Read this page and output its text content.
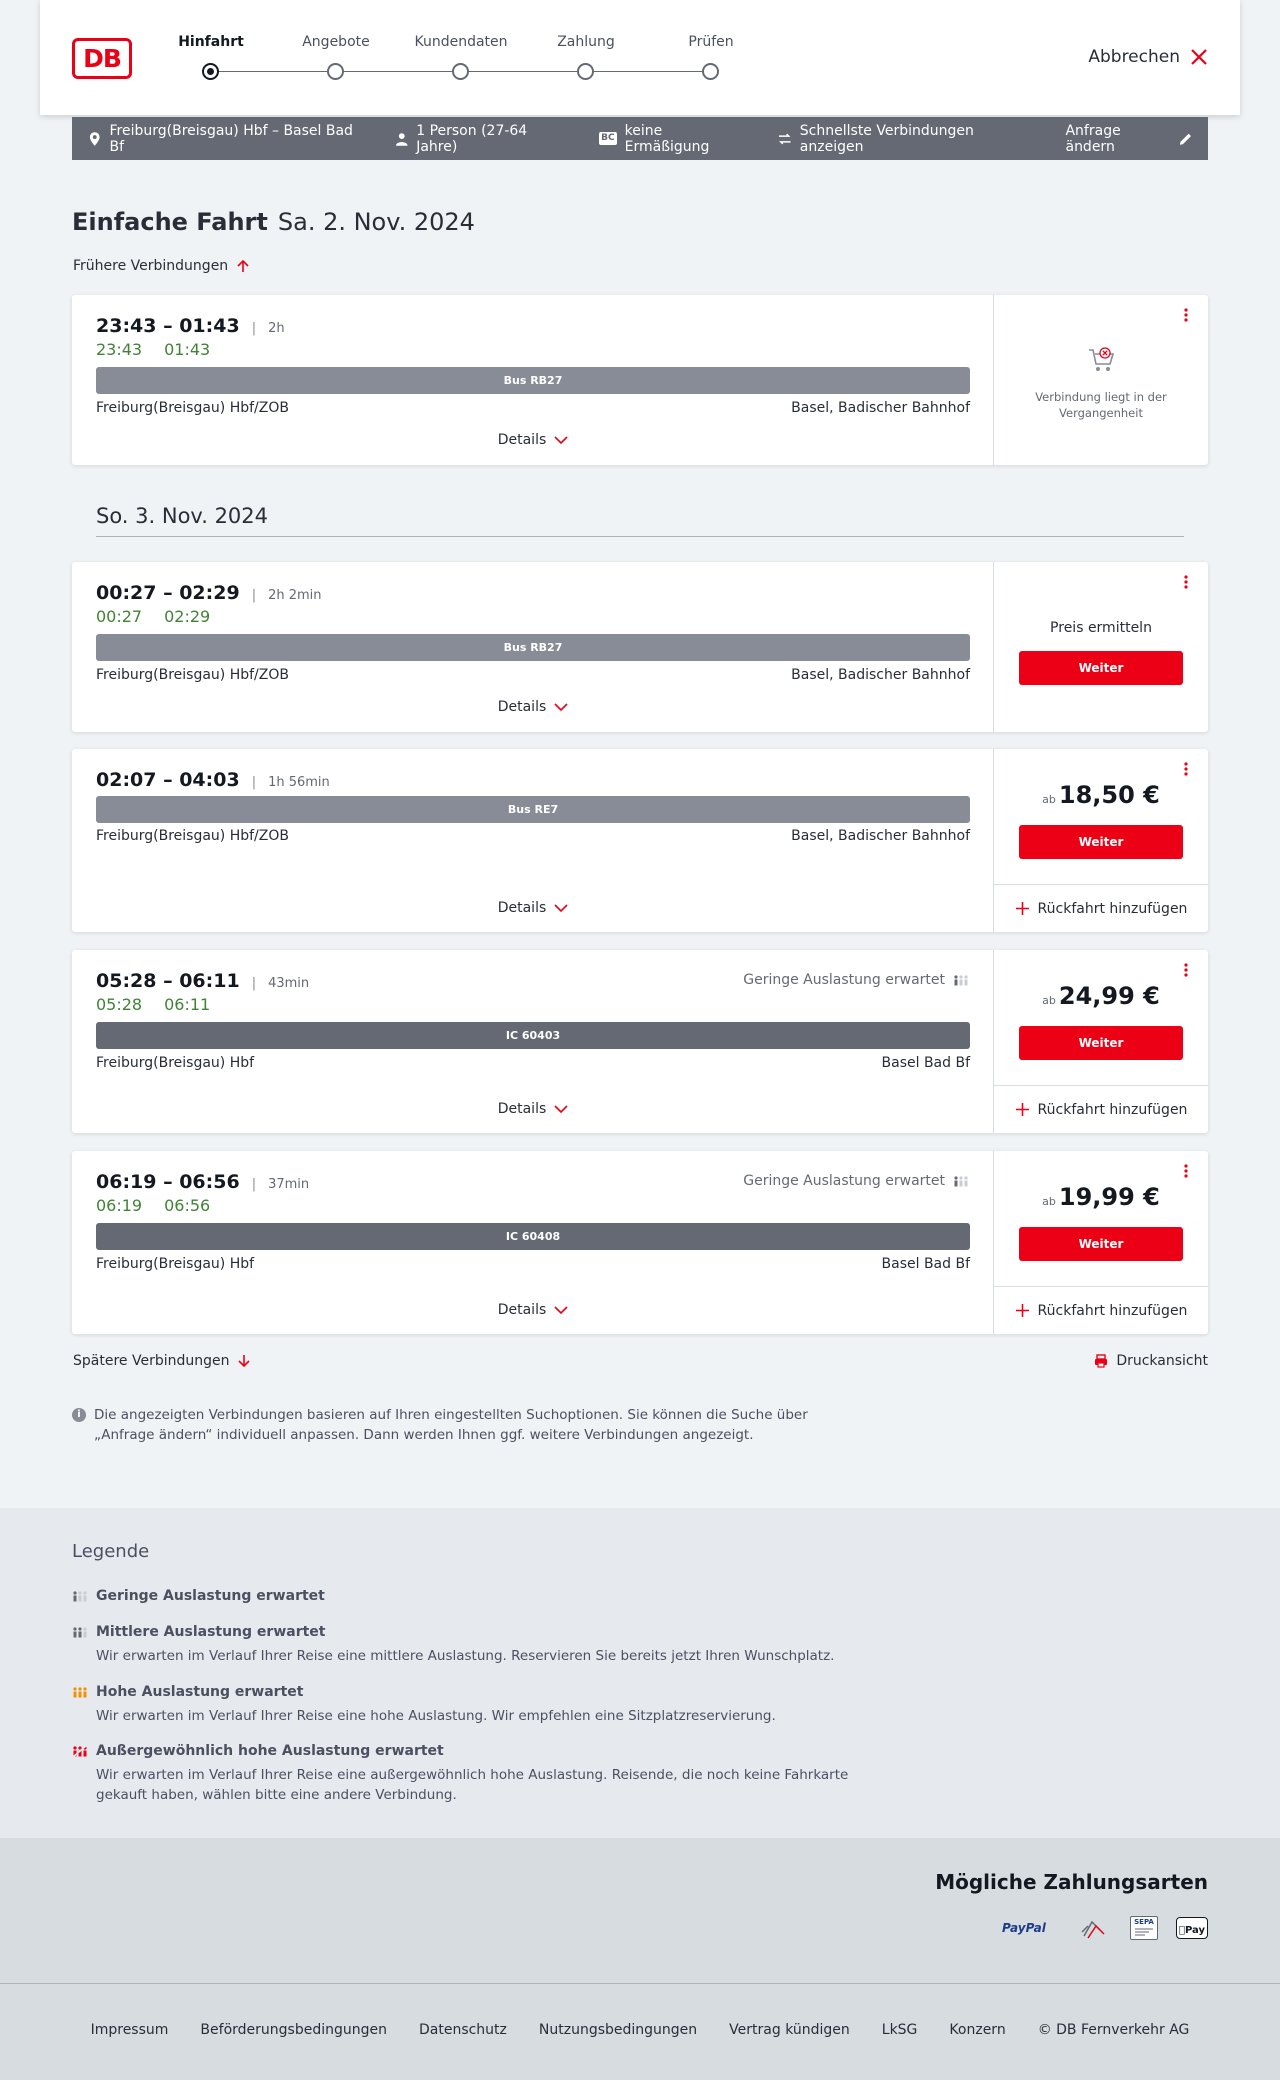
DB
Hinfahrt	Angebote	Kundendaten	Zahlung	Prüfen
Abbrechen
Freiburg(Breisgau) Hbf – Basel Bad Bf
1 Person (27-64 Jahre)
BC keine Ermäßigung
Schnellste Verbindungen anzeigen
Anfrage ändern
Einfache Fahrt Sa. 2. Nov. 2024
Frühere Verbindungen
23:43 – 01:43 | 2h
23:43 01:43
Bus RB27
Freiburg(Breisgau) Hbf/ZOB	Basel, Badischer Bahnhof
Details
Verbindung liegt in der Vergangenheit
So. 3. Nov. 2024
00:27 – 02:29 | 2h 2min
00:27 02:29
Bus RB27
Freiburg(Breisgau) Hbf/ZOB	Basel, Badischer Bahnhof
Details
Preis ermitteln
Weiter
02:07 – 04:03 | 1h 56min
Bus RE7
Freiburg(Breisgau) Hbf/ZOB	Basel, Badischer Bahnhof
Details
ab 18,50 €
Weiter
Rückfahrt hinzufügen
05:28 – 06:11 | 43min	Geringe Auslastung erwartet
05:28 06:11
IC 60403
Freiburg(Breisgau) Hbf	Basel Bad Bf
Details
ab 24,99 €
Weiter
Rückfahrt hinzufügen
06:19 – 06:56 | 37min	Geringe Auslastung erwartet
06:19 06:56
IC 60408
Freiburg(Breisgau) Hbf	Basel Bad Bf
Details
ab 19,99 €
Weiter
Rückfahrt hinzufügen
Spätere Verbindungen	Druckansicht
i Die angezeigten Verbindungen basieren auf Ihren eingestellten Suchoptionen. Sie können die Suche über „Anfrage ändern“ individuell anpassen. Dann werden Ihnen ggf. weitere Verbindungen angezeigt.
Legende
Geringe Auslastung erwartet
Mittlere Auslastung erwartet
Wir erwarten im Verlauf Ihrer Reise eine mittlere Auslastung. Reservieren Sie bereits jetzt Ihren Wunschplatz.
Hohe Auslastung erwartet
Wir erwarten im Verlauf Ihrer Reise eine hohe Auslastung. Wir empfehlen eine Sitzplatzreservierung.
Außergewöhnlich hohe Auslastung erwartet
Wir erwarten im Verlauf Ihrer Reise eine außergewöhnlich hohe Auslastung. Reisende, die noch keine Fahrkarte gekauft haben, wählen bitte eine andere Verbindung.
Mögliche Zahlungsarten
PayPal	SEPA
Pay
Impressum Beförderungsbedingungen Datenschutz Nutzungsbedingungen Vertrag kündigen LkSG Konzern © DB Fernverkehr AG
